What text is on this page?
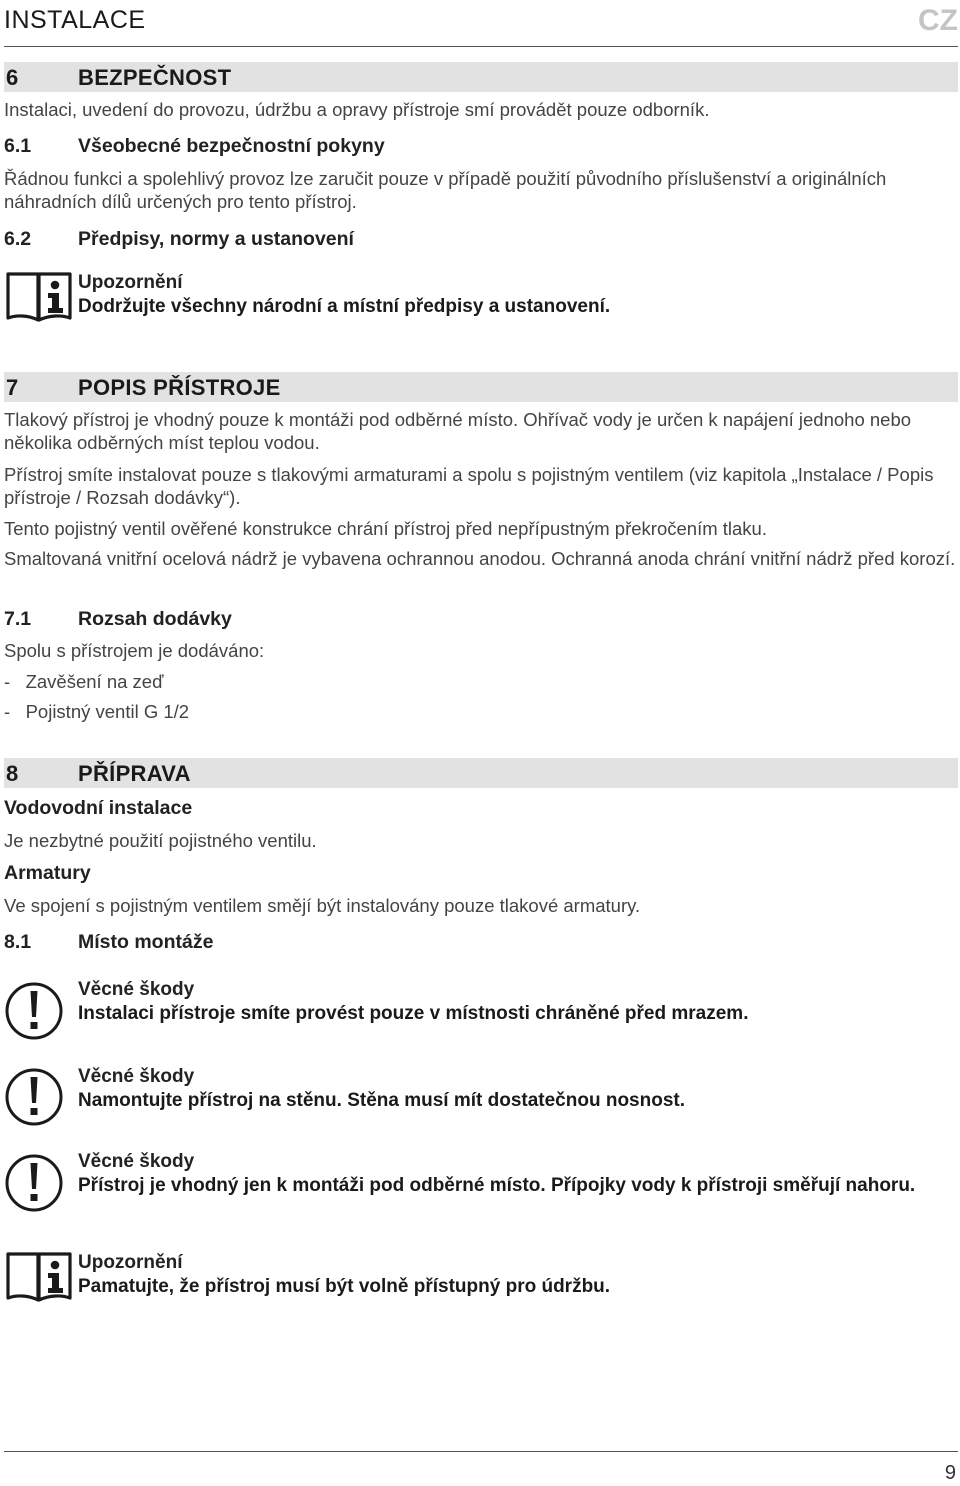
INSTALACE	CZ
6	BEZPEČNOST
Instalaci, uvedení do provozu, údržbu a opravy přístroje smí provádět pouze odborník.
6.1 Všeobecné bezpečnostní pokyny
Řádnou funkci a spolehlivý provoz lze zaručit pouze v případě použití původního příslušenství a originálních náhradních dílů určených pro tento přístroj.
6.2 Předpisy, normy a ustanovení
Upozornění
Dodržujte všechny národní a místní předpisy a ustanovení.
7	POPIS PŘÍSTROJE
Tlakový přístroj je vhodný pouze k montáži pod odběrné místo. Ohřívač vody je určen k napájení jednoho nebo několika odběrných míst teplou vodou.
Přístroj smíte instalovat pouze s tlakovými armaturami a spolu s pojistným ventilem (viz kapitola „Instalace / Popis přístroje / Rozsah dodávky“).
Tento pojistný ventil ověřené konstrukce chrání přístroj před nepřípustným překročením tlaku.
Smaltovaná vnitřní ocelová nádrž je vybavena ochrannou anodou. Ochranná anoda chrání vnitřní nádrž před korozí.
7.1 Rozsah dodávky
Spolu s přístrojem je dodáváno:
-   Zavěšení na zeď
-   Pojistný ventil G 1/2
8	PŘÍPRAVA
Vodovodní instalace
Je nezbytné použití pojistného ventilu.
Armatury
Ve spojení s pojistným ventilem smějí být instalovány pouze tlakové armatury.
8.1 Místo montáže
Věcné škody
Instalaci přístroje smíte provést pouze v místnosti chráněné před mrazem.
Věcné škody
Namontujte přístroj na stěnu. Stěna musí mít dostatečnou nosnost.
Věcné škody
Přístroj je vhodný jen k montáži pod odběrné místo. Přípojky vody k přístroji směřují nahoru.
Upozornění
Pamatujte, že přístroj musí být volně přístupný pro údržbu.
9
